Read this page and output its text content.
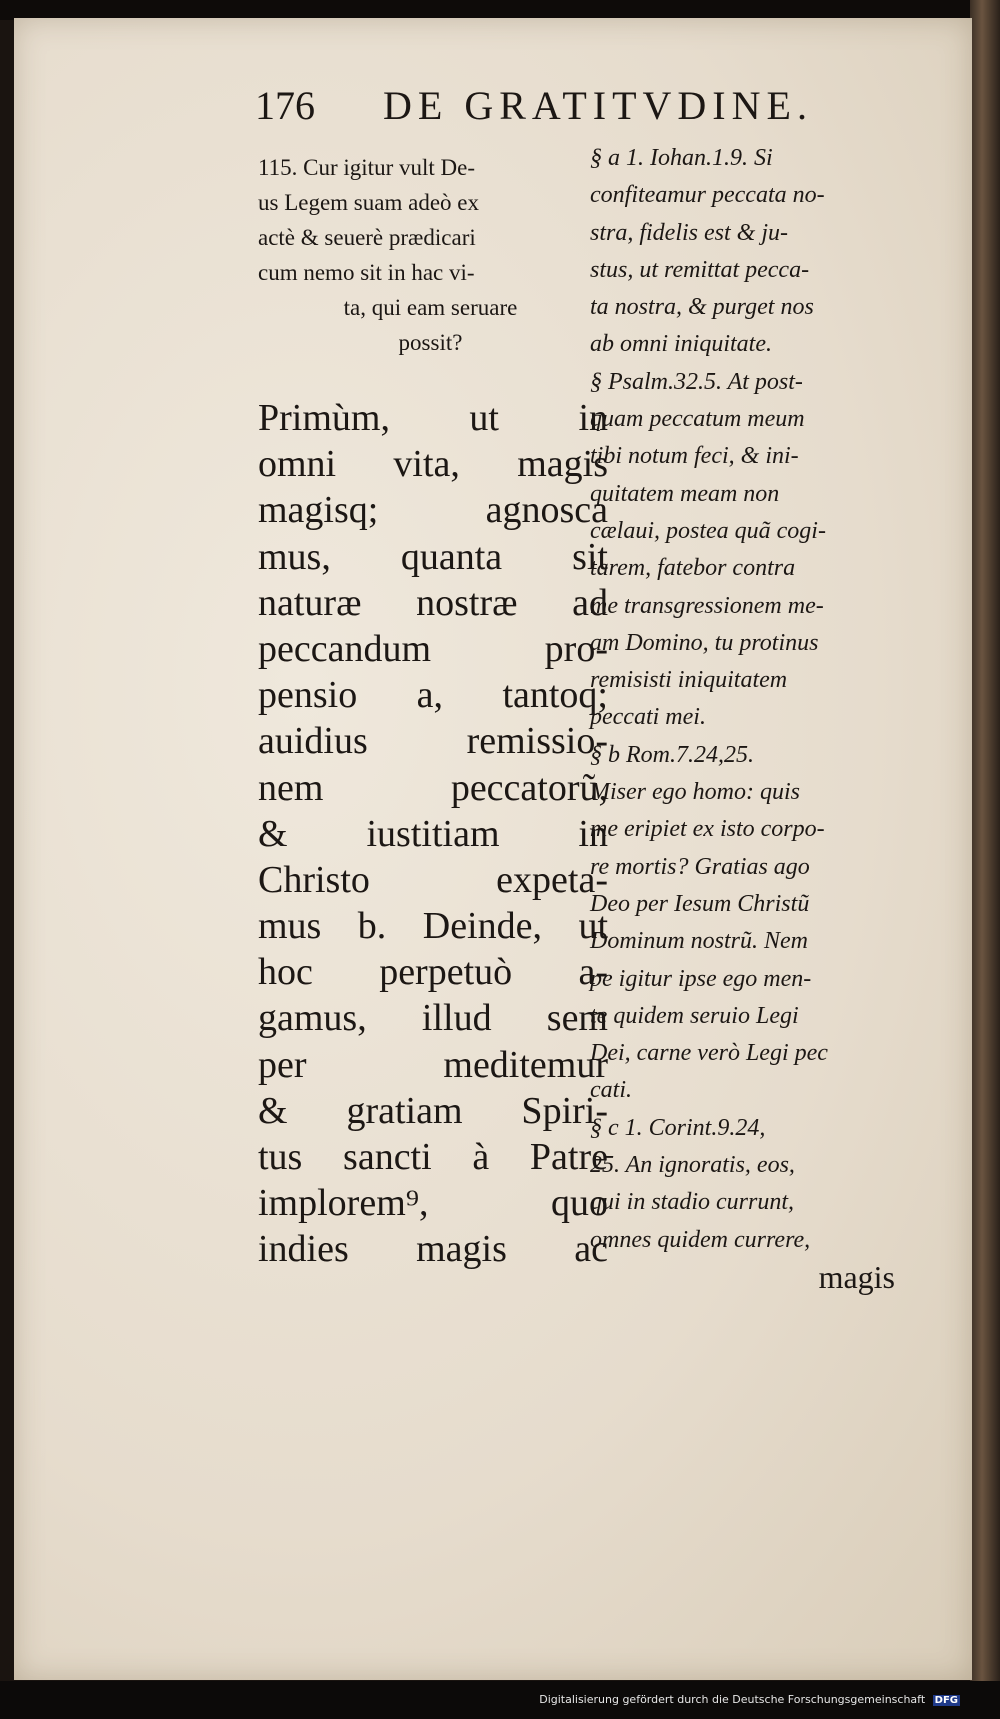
176 DE GRATITVDINE.
115. Cur igitur vult De-
us Legem suam adeò ex
actè & seuerè prædicari
cum nemo sit in hac vi-
ta, qui eam seruare
possit?
Primùm, ut in
omni vita, magis
magisq; agnosca
mus, quanta sit
naturæ nostræ ad
peccandum pro-
pensio a, tantoq;
auidius remissio-
nem peccatorũ,
& iustitiam in
Christo expeta-
mus b. Deinde, ut
hoc perpetuò a-
gamus, illud sem
per meditemur
& gratiam Spiri-
tus sancti à Patre
implorem⁹, quo
indies magis ac
§ a 1. Iohan.1.9. Si
confiteamur peccata no-
stra, fidelis est & ju-
stus, ut remittat pecca-
ta nostra, & purget nos
ab omni iniquitate.
§ Psalm.32.5. At post-
quam peccatum meum
tibi notum feci, & ini-
quitatem meam non
cælaui, postea quã cogi-
tarem, fatebor contra
me transgressionem me-
am Domino, tu protinus
remisisti iniquitatem
peccati mei.
§ b Rom.7.24,25.
Miser ego homo: quis
me eripiet ex isto corpo-
re mortis? Gratias ago
Deo per Iesum Christũ
Dominum nostrũ. Nem
pe igitur ipse ego men-
te quidem seruio Legi
Dei, carne verò Legi pec
cati.
§ c 1. Corint.9.24,
25. An ignoratis, eos,
qui in stadio currunt,
omnes quidem currere,
magis
Digitalisierung gefördert durch die Deutsche Forschungsgemeinschaft DFG
